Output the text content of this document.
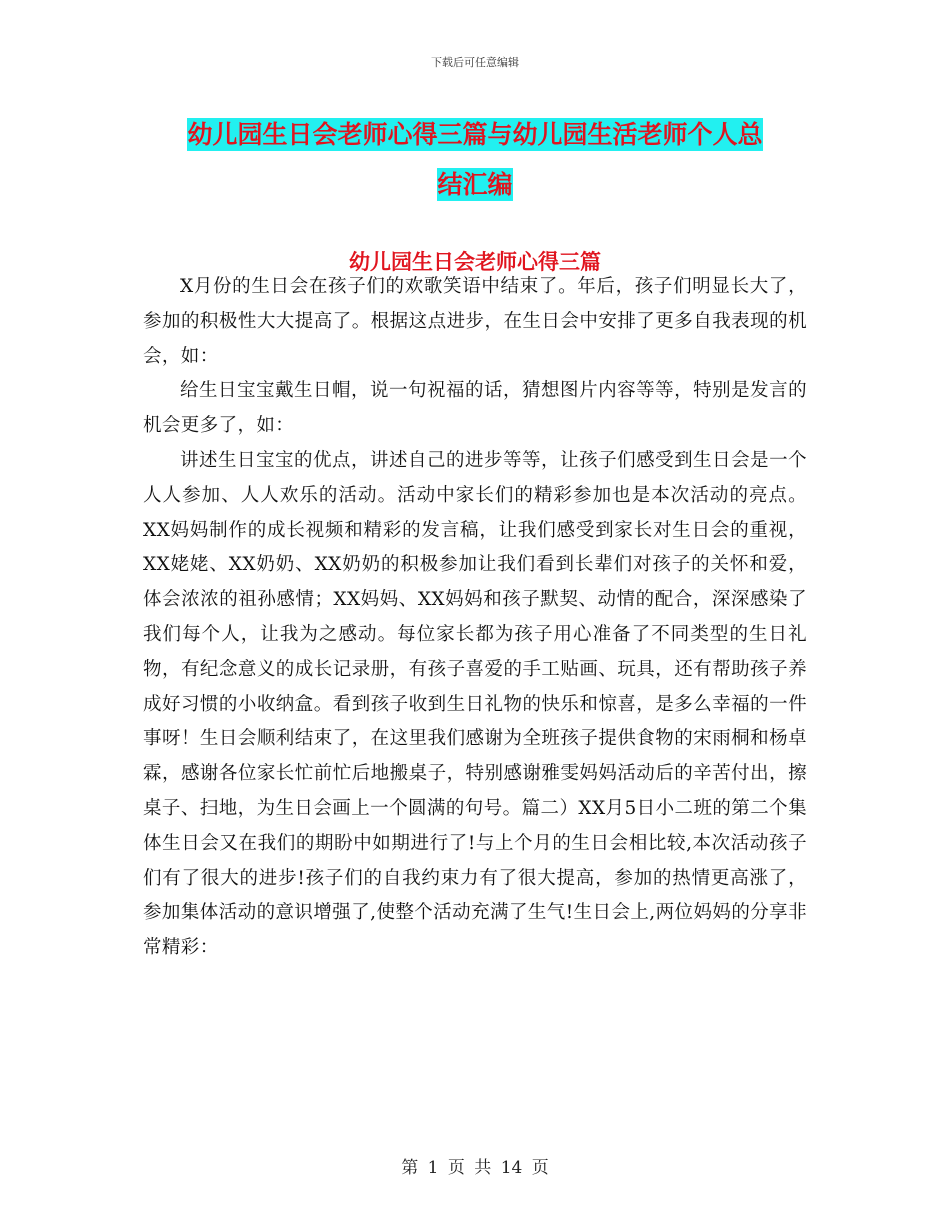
下载后可任意编辑
幼儿园生日会老师心得三篇与幼儿园生活老师个人总
结汇编
幼儿园生日会老师心得三篇

X月份的生日会在孩子们的欢歌笑语中结束了。年后，孩子们明显长大了，参加的积极性大大提高了。根据这点进步，在生日会中安排了更多自我表现的机会，如：

给生日宝宝戴生日帽，说一句祝福的话，猜想图片内容等等，特别是发言的机会更多了，如：

讲述生日宝宝的优点，讲述自己的进步等等，让孩子们感受到生日会是一个人人参加、人人欢乐的活动。活动中家长们的精彩参加也是本次活动的亮点。XX妈妈制作的成长视频和精彩的发言稿，让我们感受到家长对生日会的重视，XX姥姥、XX奶奶、XX奶奶的积极参加让我们看到长辈们对孩子的关怀和爱，体会浓浓的祖孙感情；XX妈妈、XX妈妈和孩子默契、动情的配合，深深感染了我们每个人，让我为之感动。每位家长都为孩子用心准备了不同类型的生日礼物，有纪念意义的成长记录册，有孩子喜爱的手工贴画、玩具，还有帮助孩子养成好习惯的小收纳盒。看到孩子收到生日礼物的快乐和惊喜，是多么幸福的一件事呀！生日会顺利结束了，在这里我们感谢为全班孩子提供食物的宋雨桐和杨卓霖，感谢各位家长忙前忙后地搬桌子，特别感谢雅雯妈妈活动后的辛苦付出，擦桌子、扫地，为生日会画上一个圆满的句号。篇二）XX月5日小二班的第二个集体生日会又在我们的期盼中如期进行了!与上个月的生日会相比较,本次活动孩子们有了很大的进步!孩子们的自我约束力有了很大提高，参加的热情更高涨了，参加集体活动的意识增强了,使整个活动充满了生气!生日会上,两位妈妈的分享非常精彩：

第 1 页 共 14 页
